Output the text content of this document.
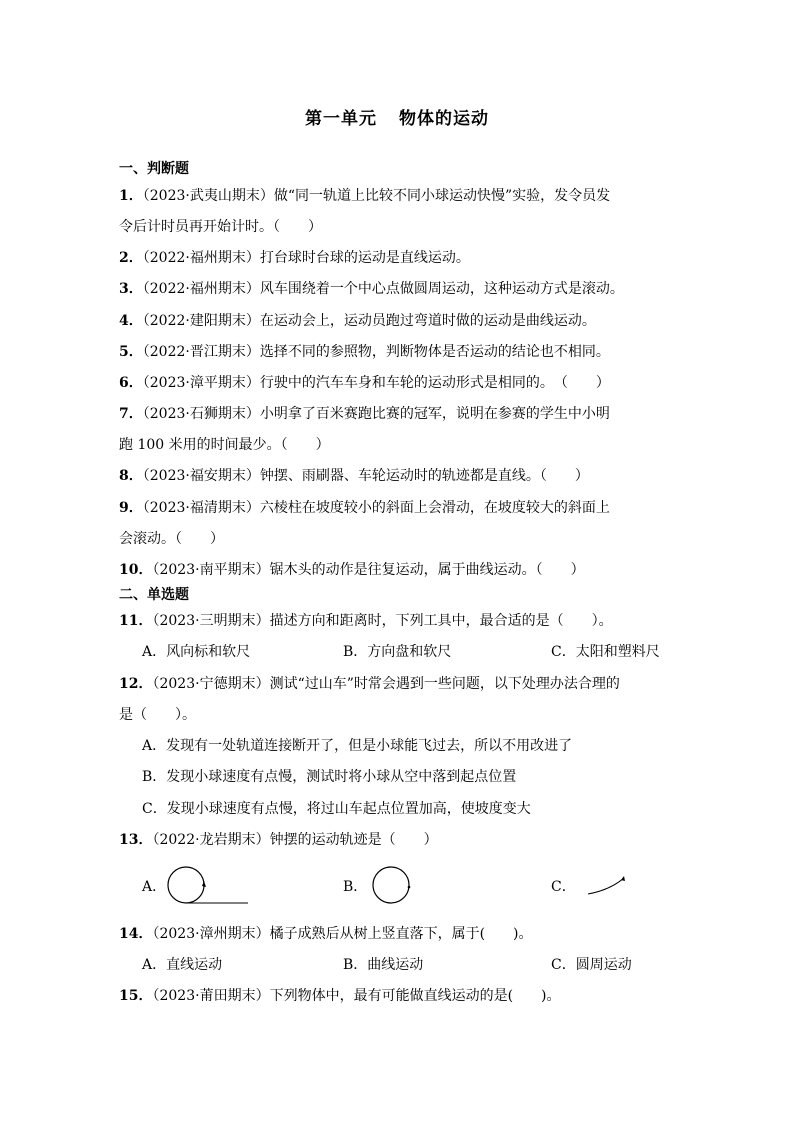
第一单元 物体的运动
一、判断题
1．（2023·武夷山期末）做“同一轨道上比较不同小球运动快慢”实验，发令员发
令后计时员再开始计时。（　　）
2．（2022·福州期末）打台球时台球的运动是直线运动。
3．（2022·福州期末）风车围绕着一个中心点做圆周运动，这种运动方式是滚动。
4．（2022·建阳期末）在运动会上，运动员跑过弯道时做的运动是曲线运动。
5．（2022·晋江期末）选择不同的参照物，判断物体是否运动的结论也不相同。
6．（2023·漳平期末）行驶中的汽车车身和车轮的运动形式是相同的。　（　　）
7．（2023·石狮期末）小明拿了百米赛跑比赛的冠军，说明在参赛的学生中小明
跑 100 米用的时间最少。（　　）
8．（2023·福安期末）钟摆、雨刷器、车轮运动时的轨迹都是直线。（　　）
9．（2023·福清期末）六棱柱在坡度较小的斜面上会滑动，在坡度较大的斜面上
会滚动。（　　）
10．（2023·南平期末）锯木头的动作是往复运动，属于曲线运动。（　　）
二、单选题
11．（2023·三明期末）描述方向和距离时，下列工具中，最合适的是（　　）。
A．风向标和软尺	B．方向盘和软尺	C．太阳和塑料尺
12．（2023·宁德期末）测试“过山车”时常会遇到一些问题，以下处理办法合理的
是（　　）。
A．发现有一处轨道连接断开了，但是小球能飞过去，所以不用改进了
B．发现小球速度有点慢，测试时将小球从空中落到起点位置
C．发现小球速度有点慢，将过山车起点位置加高，使坡度变大
13．（2022·龙岩期末）钟摆的运动轨迹是（　　）
A．	B．	C．
14．（2023·漳州期末）橘子成熟后从树上竖直落下，属于(　　)。
A．直线运动	B．曲线运动	C．圆周运动
15．（2023·莆田期末）下列物体中，最有可能做直线运动的是(　　)。
